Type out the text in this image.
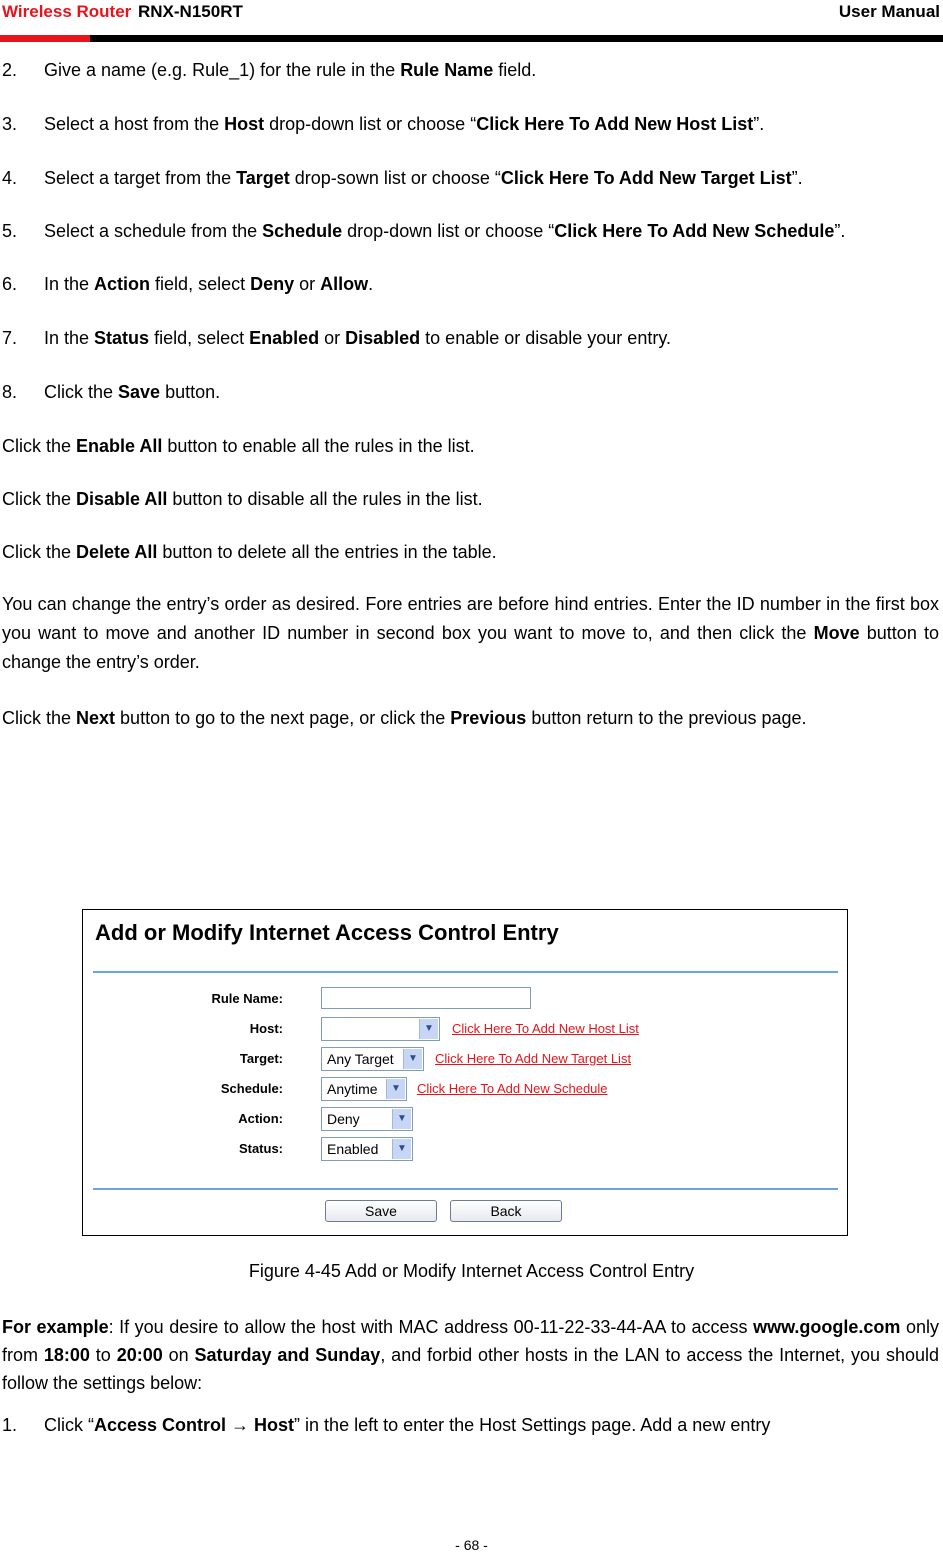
Wireless Router RNX-N150RT	User Manual
2. Give a name (e.g. Rule_1) for the rule in the Rule Name field.
3. Select a host from the Host drop-down list or choose “Click Here To Add New Host List”.
4. Select a target from the Target drop-sown list or choose “Click Here To Add New Target List”.
5. Select a schedule from the Schedule drop-down list or choose “Click Here To Add New Schedule”.
6. In the Action field, select Deny or Allow.
7. In the Status field, select Enabled or Disabled to enable or disable your entry.
8. Click the Save button.
Click the Enable All button to enable all the rules in the list.
Click the Disable All button to disable all the rules in the list.
Click the Delete All button to delete all the entries in the table.
You can change the entry’s order as desired. Fore entries are before hind entries. Enter the ID number in the first box you want to move and another ID number in second box you want to move to, and then click the Move button to change the entry’s order.
Click the Next button to go to the next page, or click the Previous button return to the previous page.
Add or Modify Internet Access Control Entry
Rule Name:
Host:	▼	Click Here To Add New Host List
Target:	Any Target	▼	Click Here To Add New Target List
Schedule:	Anytime	▼	Click Here To Add New Schedule
Action:	Deny	▼
Status:	Enabled	▼
Save	Back
Figure 4-45 Add or Modify Internet Access Control Entry
For example: If you desire to allow the host with MAC address 00-11-22-33-44-AA to access www.google.com only from 18:00 to 20:00 on Saturday and Sunday, and forbid other hosts in the LAN to access the Internet, you should follow the settings below:
1. Click “Access Control → Host” in the left to enter the Host Settings page. Add a new entry
- 68 -
